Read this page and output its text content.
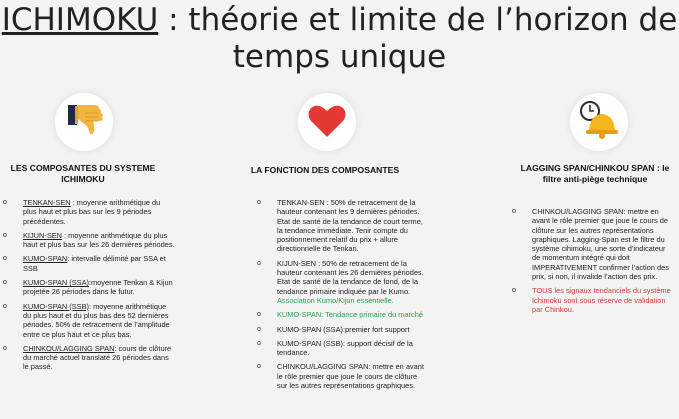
ICHIMOKU : théorie et limite de l’horizon de
temps unique
LES COMPOSANTES DU SYSTEME
ICHIMOKU
LA FONCTION DES COMPOSANTES	LAGGING SPAN/CHINKOU SPAN : le
filtre anti-piège technique
o TENKAN-SEN : moyenne arithmétique du plus haut et plus bas sur les 9 périodes précédentes.
o KIJUN-SEN : moyenne arithmétique du plus haut et plus bas sur les 26 dernières périodes.
o KUMO-SPAN: intervalle délimité par SSA et SSB
o KUMO-SPAN (SSA):moyenne Tenkan & Kijun projetée 26 périodes dans le futur.
o KUMO-SPAN (SSB): moyenne arithmétique du plus haut et du plus bas des 52 dernières périodes. 50% de retracement de l’amplitude entre ce plus haut et ce plus bas.
o CHINKOU/LAGGING SPAN: cours de clôture du marché actuel translaté 26 périodes dans le passé.
o TENKAN-SEN : 50% de retracement de la hauteur contenant les 9 dernières périodes. Etat de santé de la tendance de court terme, la tendance immédiate. Tenir compte du positionnement relatif du prix + allure directionnelle de Tenkan.
o KIJUN-SEN : 50% de retracement de la hauteur contenant les 26 dernières périodes. Etat de santé de la tendance de fond, de la tendance primaire indiquée par le Kumo. Association Kumo/Kijun essentielle.
o KUMO-SPAN: Tendance primaire du marché
o KUMO-SPAN (SSA):premier fort support
o KUMO-SPAN (SSB): support décisif de la tendance.
o CHINKOU/LAGGING SPAN: mettre en avant le rôle premier que joue le cours de clôture sur les autres représentations graphiques.
o CHINKOU/LAGGING SPAN: mettre en avant le rôle premier que joue le cours de clôture sur les autres représentations graphiques. Lagging-Span est le filtre du système cihimoku, une sorte d’indicateur de momentum intégré qui doit IMPERATIVEMENT confirmer l’action des prix, si non, il invalide l’action des prix.
o TOUS les signaux tendanciels du système Ichimoku sont sous réserve de validation par Chinkou.
